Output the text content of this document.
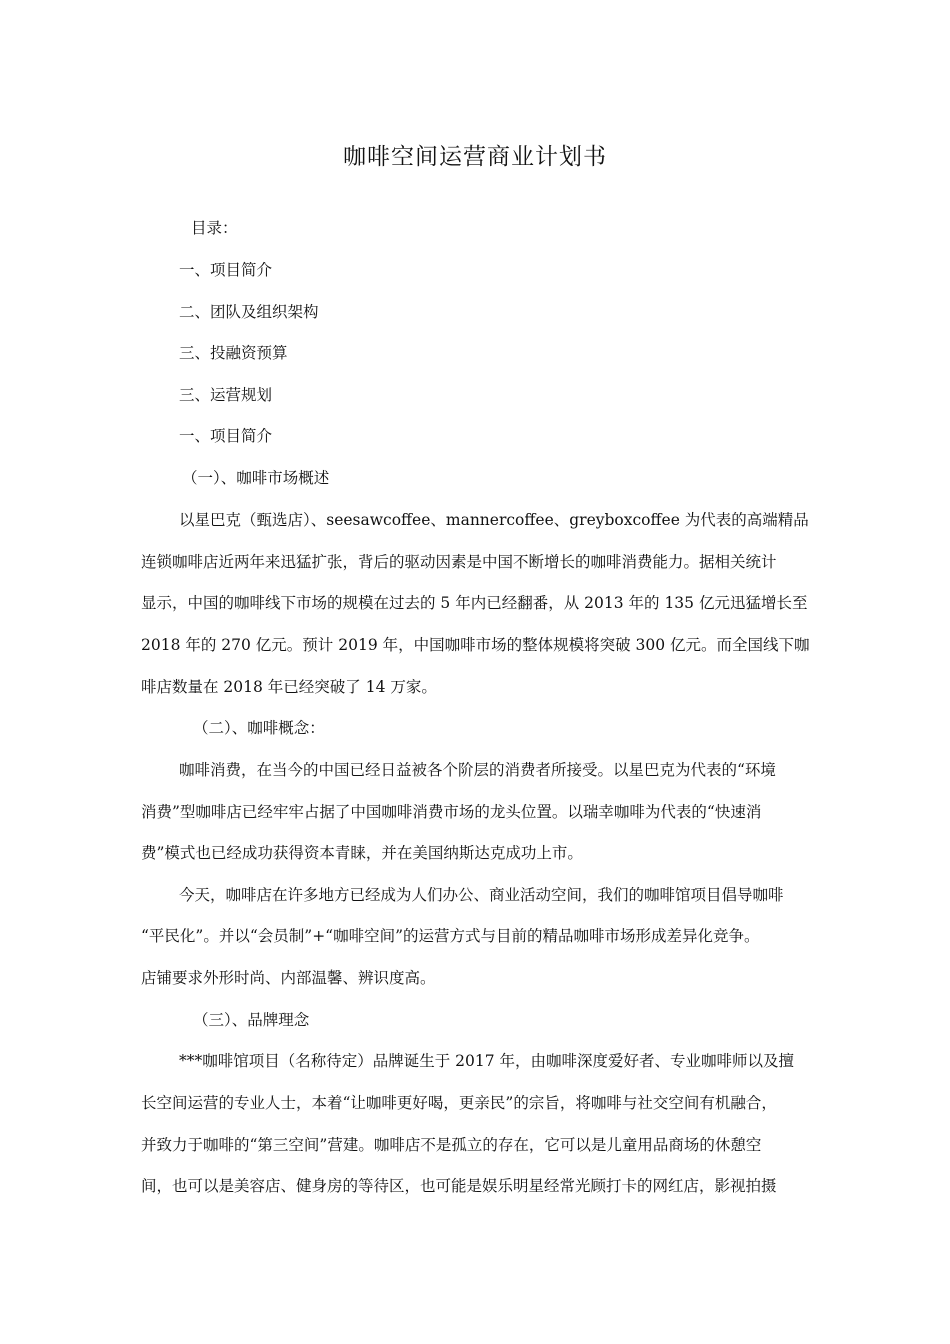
咖啡空间运营商业计划书
目录：
一、项目简介
二、团队及组织架构
三、投融资预算
三、运营规划
一、项目简介
（一）、咖啡市场概述
以星巴克（甄选店）、seesawcoffee、mannercoffee、greyboxcoffee 为代表的高端精品
连锁咖啡店近两年来迅猛扩张，背后的驱动因素是中国不断增长的咖啡消费能力。据相关统计
显示，中国的咖啡线下市场的规模在过去的 5 年内已经翻番，从 2013 年的 135 亿元迅猛增长至
2018 年的 270 亿元。预计 2019 年，中国咖啡市场的整体规模将突破 300 亿元。而全国线下咖
啡店数量在 2018 年已经突破了 14 万家。
（二）、咖啡概念：
咖啡消费，在当今的中国已经日益被各个阶层的消费者所接受。以星巴克为代表的“环境
消费”型咖啡店已经牢牢占据了中国咖啡消费市场的龙头位置。以瑞幸咖啡为代表的“快速消
费”模式也已经成功获得资本青睐，并在美国纳斯达克成功上市。
今天，咖啡店在许多地方已经成为人们办公、商业活动空间，我们的咖啡馆项目倡导咖啡
“平民化”。并以“会员制”+“咖啡空间”的运营方式与目前的精品咖啡市场形成差异化竞争。
店铺要求外形时尚、内部温馨、辨识度高。
（三）、品牌理念
***咖啡馆项目（名称待定）品牌诞生于 2017 年，由咖啡深度爱好者、专业咖啡师以及擅
长空间运营的专业人士，本着“让咖啡更好喝，更亲民”的宗旨，将咖啡与社交空间有机融合，
并致力于咖啡的“第三空间”营建。咖啡店不是孤立的存在，它可以是儿童用品商场的休憩空
间，也可以是美容店、健身房的等待区，也可能是娱乐明星经常光顾打卡的网红店，影视拍摄
